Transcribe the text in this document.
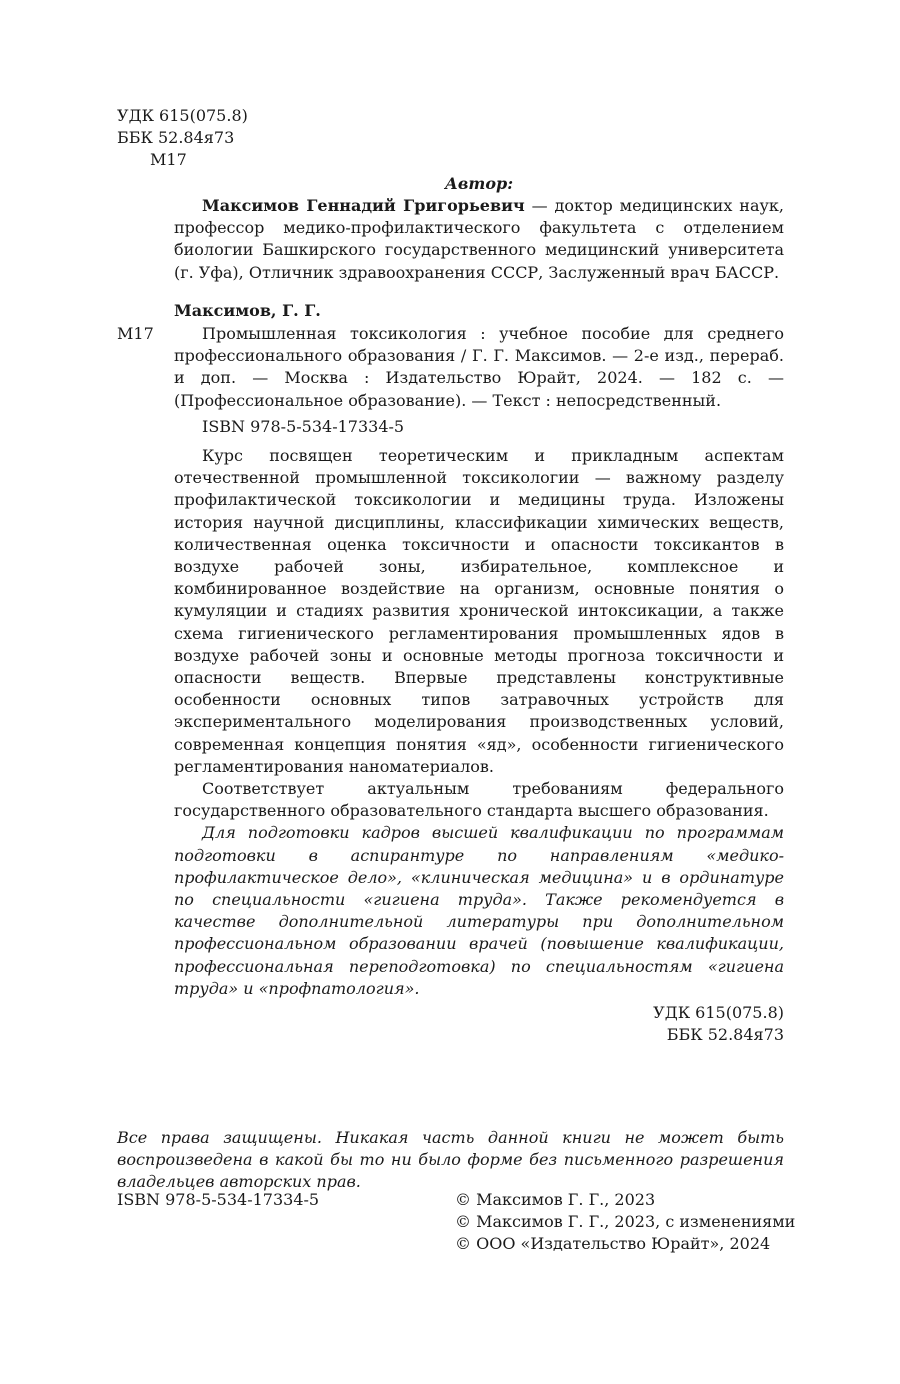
УДК 615(075.8)
ББК 52.84я73
М17
Автор:

Максимов Геннадий Григорьевич — доктор медицинских наук, профессор медико-профилактического факультета с отделением биологии Башкирского государственного медицинский университета (г. Уфа), Отличник здравоохранения СССР, Заслуженный врач БАССР.

Максимов, Г. Г.
М17	Промышленная токсикология : учебное пособие для среднего профессионального образования / Г. Г. Максимов. — 2-е изд., перераб. и доп. — Москва : Издательство Юрайт, 2024. — 182 с. — (Профессиональное образование). — Текст : непосредственный.

ISBN 978-5-534-17334-5

Курс посвящен теоретическим и прикладным аспектам отечественной промышленной токсикологии — важному разделу профилактической токсикологии и медицины труда. Изложены история научной дисциплины, классификации химических веществ, количественная оценка токсичности и опасности токсикантов в воздухе рабочей зоны, избирательное, комплексное и комбинированное воздействие на организм, основные понятия о кумуляции и стадиях развития хронической интоксикации, а также схема гигиенического регламентирования промышленных ядов в воздухе рабочей зоны и основные методы прогноза токсичности и опасности веществ. Впервые представлены конструктивные особенности основных типов затравочных устройств для экспериментального моделирования производственных условий, современная концепция понятия «яд», особенности гигиенического регламентирования наноматериалов.

Соответствует актуальным требованиям федерального государственного образовательного стандарта высшего образования.

Для подготовки кадров высшей квалификации по программам подготовки в аспирантуре по направлениям «медико-профилактическое дело», «клиническая медицина» и в ординатуре по специальности «гигиена труда». Также рекомендуется в качестве дополнительной литературы при дополнительном профессиональном образовании врачей (повышение квалификации, профессиональная переподготовка) по специальностям «гигиена труда» и «профпатология».

УДК 615(075.8)
ББК 52.84я73
Все права защищены. Никакая часть данной книги не может быть воспроизведена в какой бы то ни было форме без письменного разрешения владельцев авторских прав.
ISBN 978-5-534-17334-5	© Максимов Г. Г., 2023
© Максимов Г. Г., 2023, с изменениями
© ООО «Издательство Юрайт», 2024
